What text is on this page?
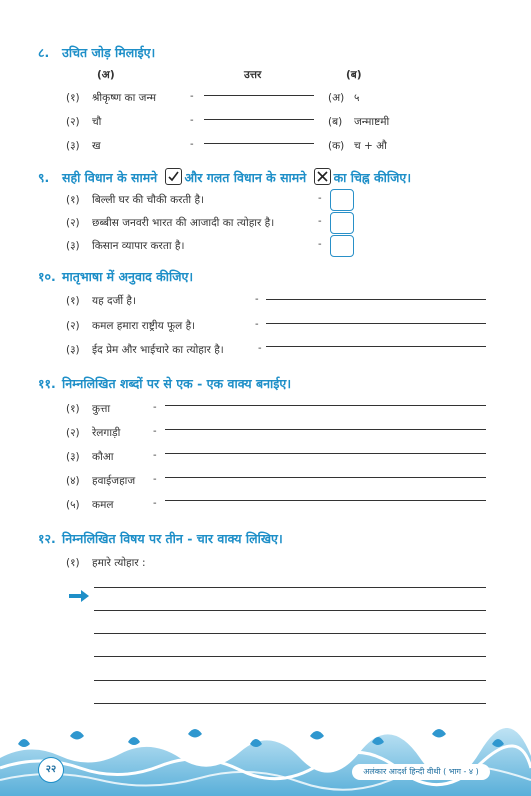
८. उचित जोड़ मिलाईए।
(अ)	उत्तर	(ब)
(१) श्रीकृष्ण का जन्म	-	(अ) ५
(२) चौ	-	(ब) जन्माष्टमी
(३) ख	-	(क) च + औ
९. सही विधान के सामने और गलत विधान के सामने ☒ का चिह्न कीजिए।
(१) बिल्ली घर की चौकी करती है।	-
(२) छब्बीस जनवरी भारत की आजादी का त्योहार है।	-
(३) किसान व्यापार करता है।	-
१०. मातृभाषा में अनुवाद कीजिए।
(१) यह दर्जी है।	-
(२) कमल हमारा राष्ट्रीय फूल है।	-
(३) ईद प्रेम और भाईचारे का त्योहार है।	-
११. निम्नलिखित शब्दों पर से एक - एक वाक्य बनाईए।
(१) कुत्ता	-
(२) रेलगाड़ी	-
(३) कौआ	-
(४) हवाईजहाज -
(५) कमल	-
१२. निम्नलिखित विषय पर तीन - चार वाक्य लिखिए।
(१) हमारे त्योहार :
२२	अलंकार आदर्श हिन्दी वीथी ( भाग - ४ )
